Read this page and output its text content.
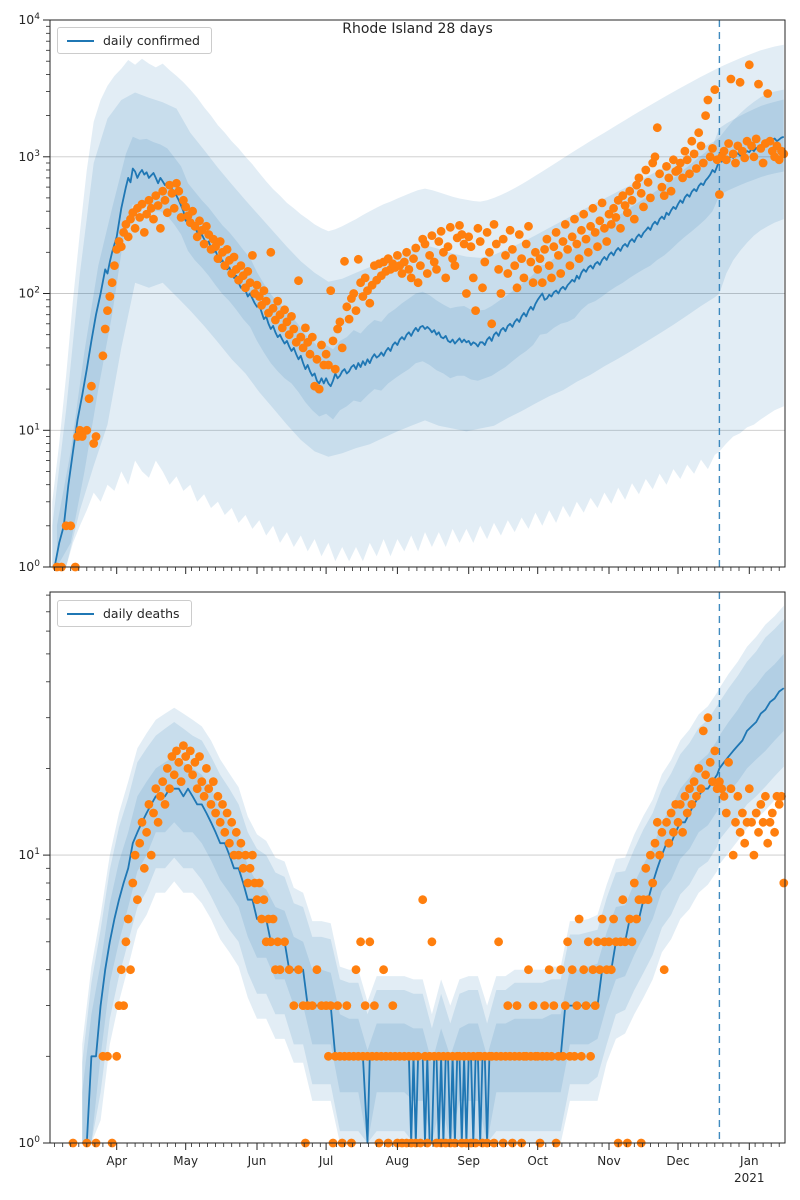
$10^0$
$10^1$
$10^2$
$10^3$
$10^4$
Apr	May	Jun	Jul	Aug	Sep	Oct	Nov	Dec	Jan
2021
$10^0$
$10^1$
Rhode Island 28 days
daily confirmed
daily deaths
